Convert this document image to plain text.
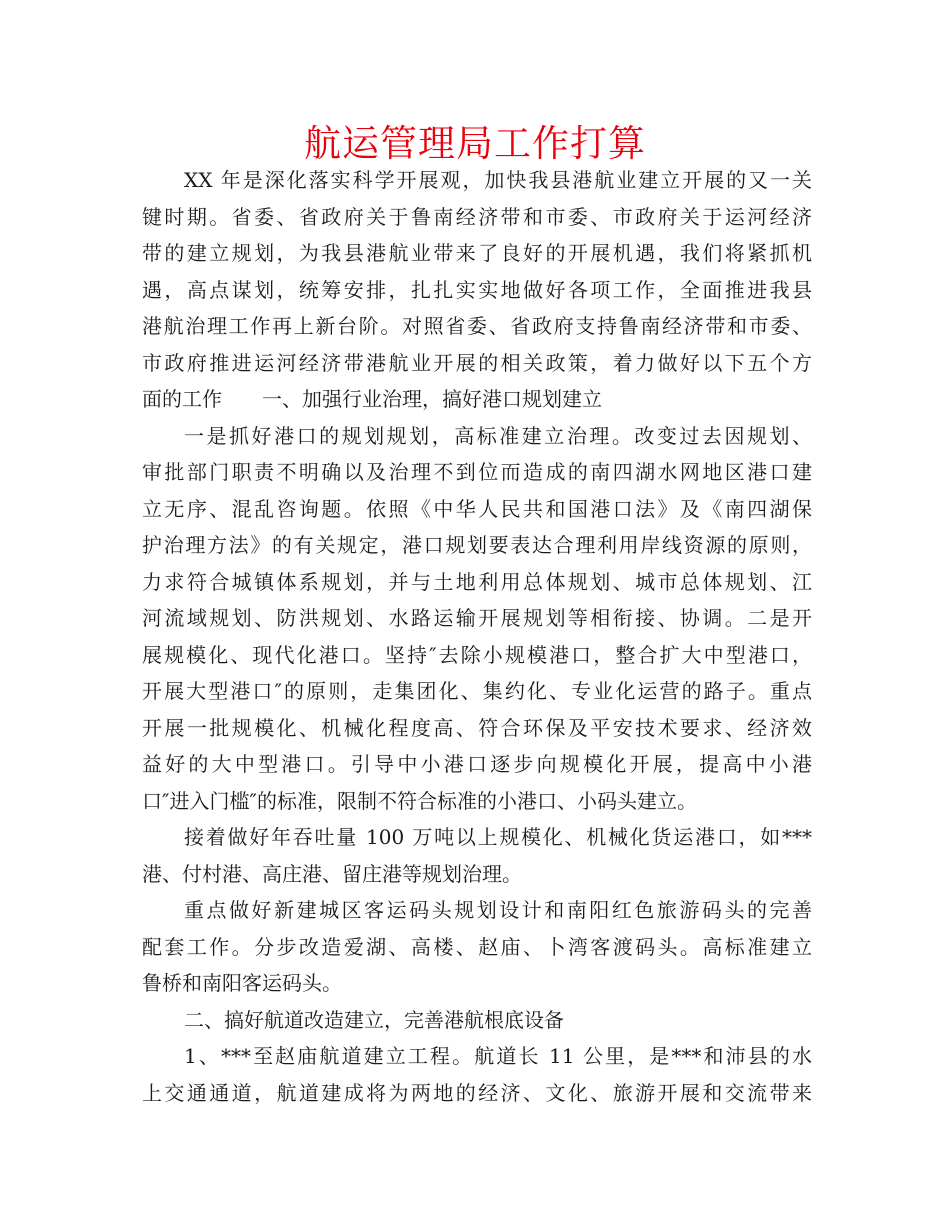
航运管理局工作打算
XX 年是深化落实科学开展观，加快我县港航业建立开展的又一关
键时期。省委、省政府关于鲁南经济带和市委、市政府关于运河经济
带的建立规划，为我县港航业带来了良好的开展机遇，我们将紧抓机
遇，高点谋划，统筹安排，扎扎实实地做好各项工作，全面推进我县
港航治理工作再上新台阶。对照省委、省政府支持鲁南经济带和市委、
市政府推进运河经济带港航业开展的相关政策，着力做好以下五个方
面的工作　　一、加强行业治理，搞好港口规划建立
一是抓好港口的规划规划，高标准建立治理。改变过去因规划、
审批部门职责不明确以及治理不到位而造成的南四湖水网地区港口建
立无序、混乱咨询题。依照《中华人民共和国港口法》及《南四湖保
护治理方法》的有关规定，港口规划要表达合理利用岸线资源的原则，
力求符合城镇体系规划，并与土地利用总体规划、城市总体规划、江
河流域规划、防洪规划、水路运输开展规划等相衔接、协调。二是开
展规模化、现代化港口。坚持″去除小规模港口，整合扩大中型港口，
开展大型港口″的原则，走集团化、集约化、专业化运营的路子。重点
开展一批规模化、机械化程度高、符合环保及平安技术要求、经济效
益好的大中型港口。引导中小港口逐步向规模化开展，提高中小港
口″进入门槛″的标准，限制不符合标准的小港口、小码头建立。
接着做好年吞吐量 100 万吨以上规模化、机械化货运港口，如***
港、付村港、高庄港、留庄港等规划治理。
重点做好新建城区客运码头规划设计和南阳红色旅游码头的完善
配套工作。分步改造爱湖、高楼、赵庙、卜湾客渡码头。高标准建立
鲁桥和南阳客运码头。
二、搞好航道改造建立，完善港航根底设备
1、***至赵庙航道建立工程。航道长 11 公里，是***和沛县的水
上交通通道，航道建成将为两地的经济、文化、旅游开展和交流带来
